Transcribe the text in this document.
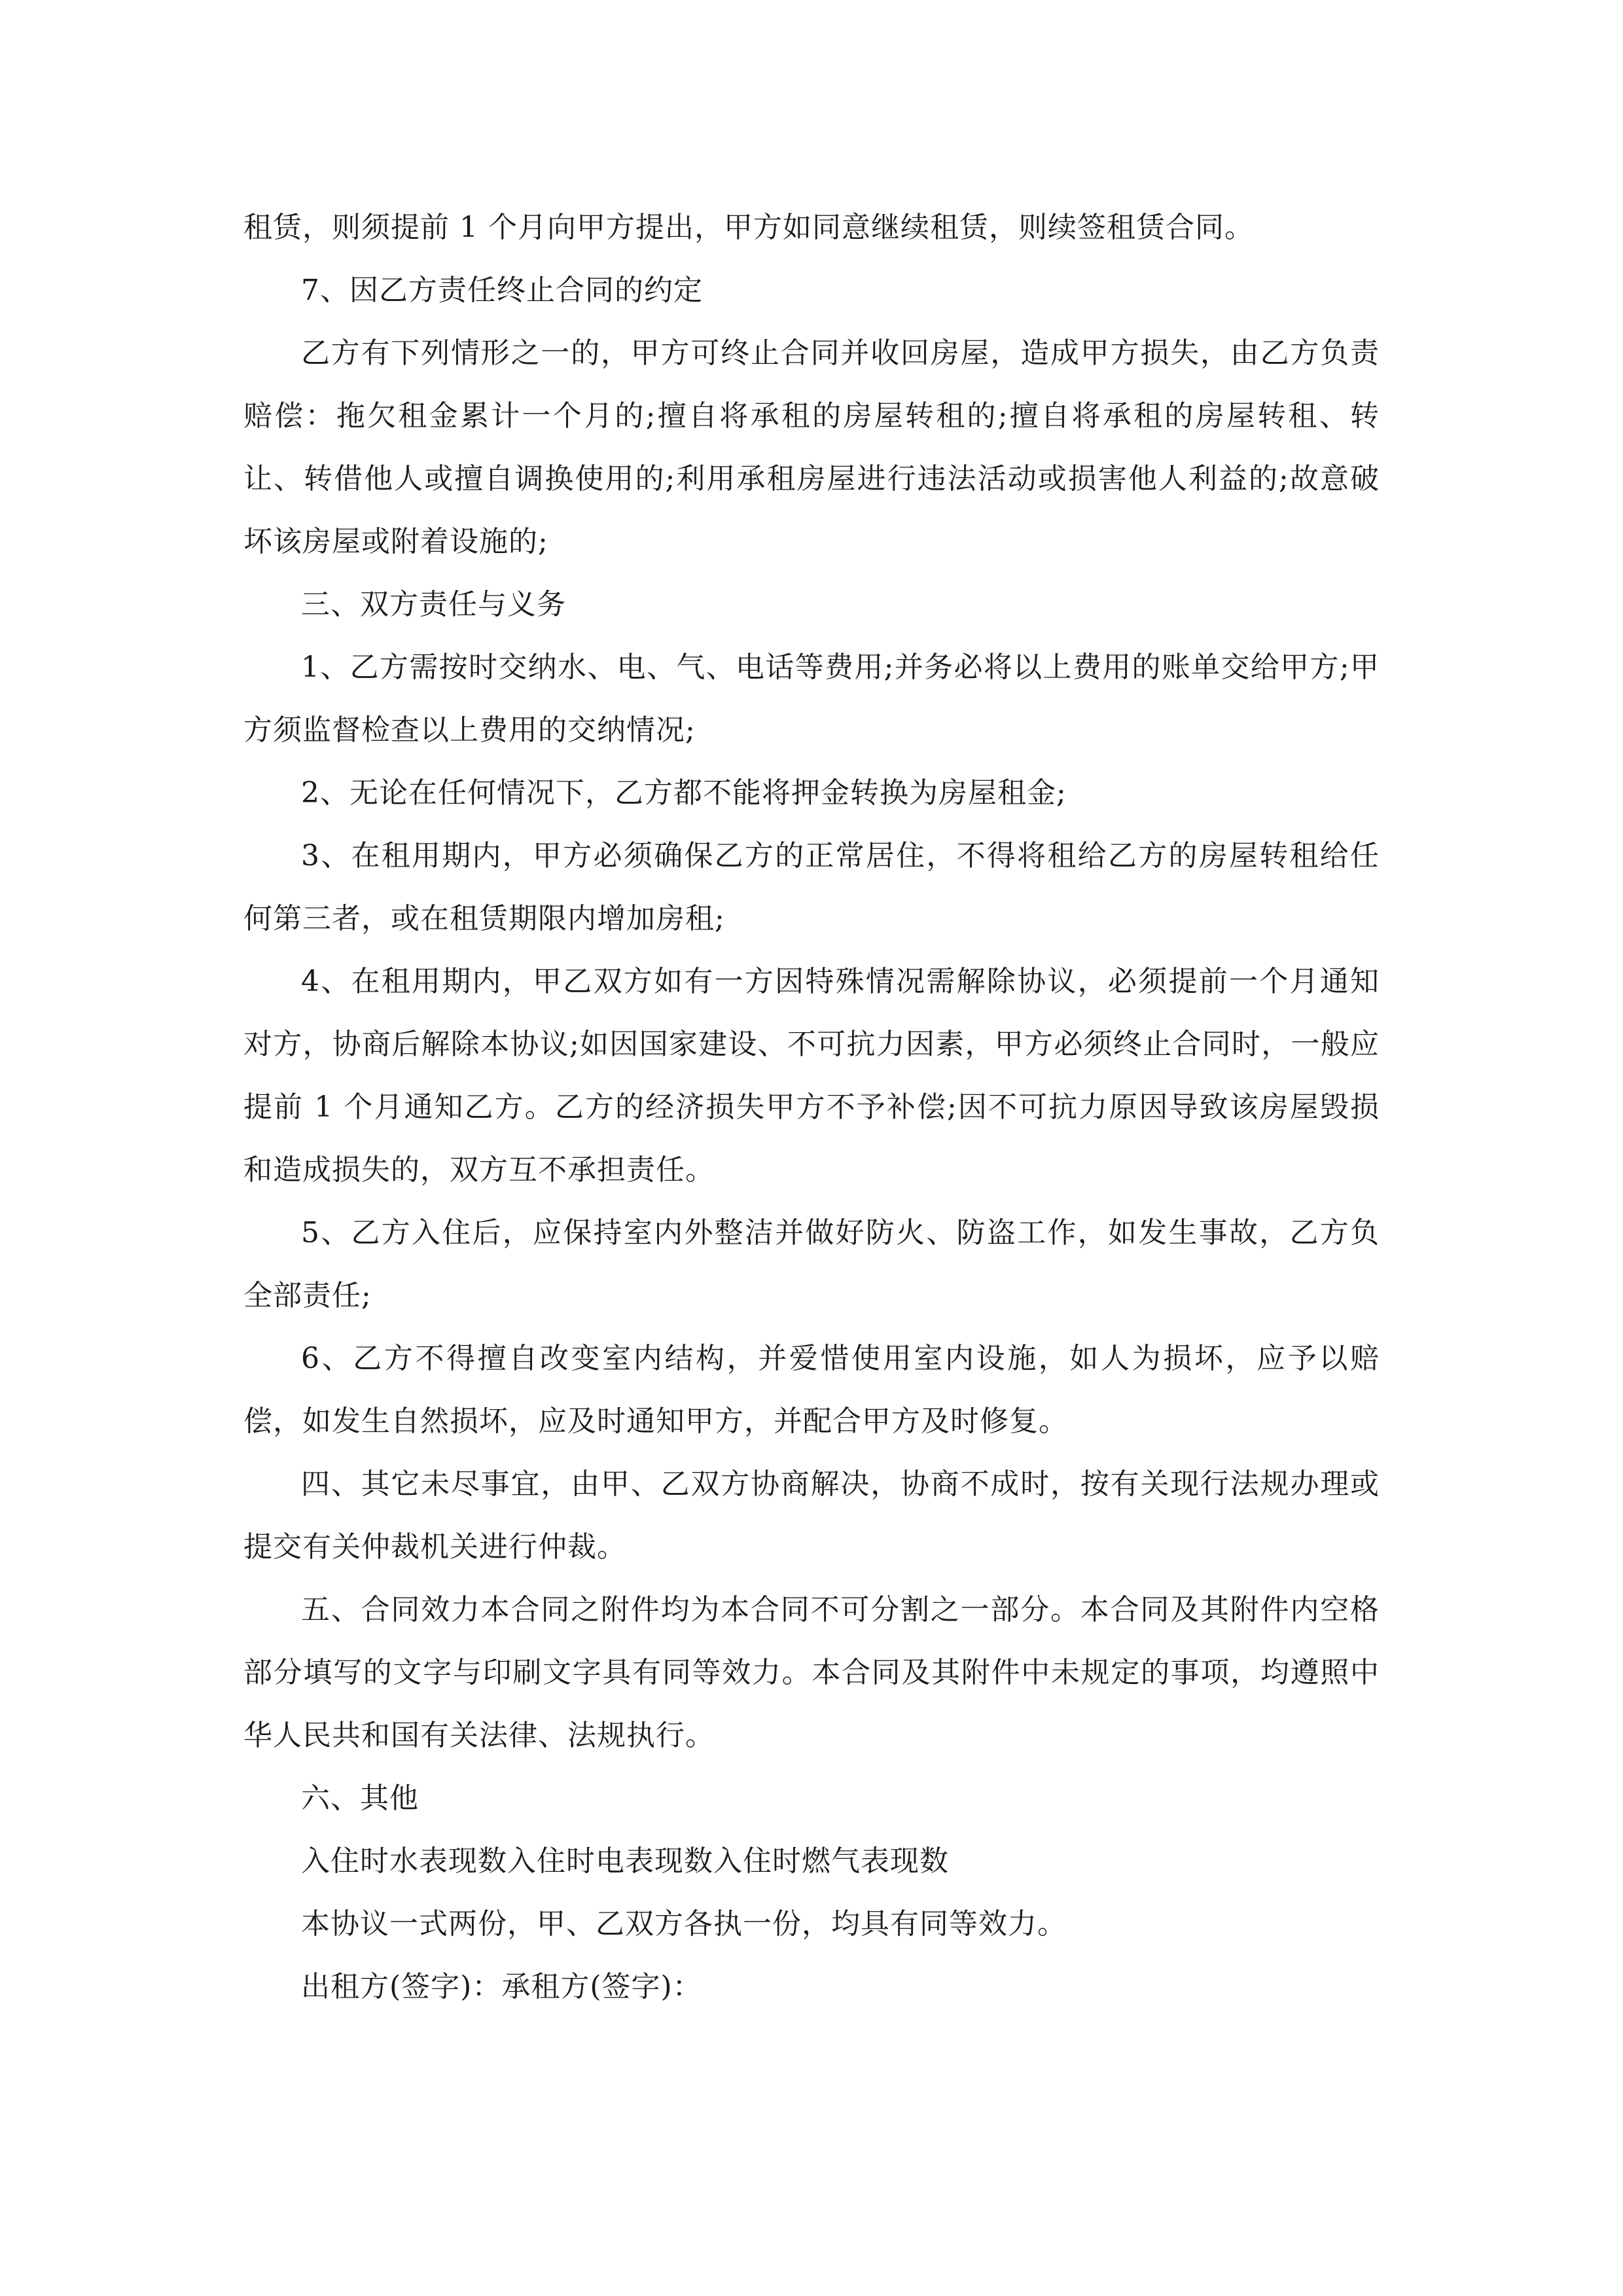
租赁，则须提前 1 个月向甲方提出，甲方如同意继续租赁，则续签租赁合同。

7、因乙方责任终止合同的约定

乙方有下列情形之一的，甲方可终止合同并收回房屋，造成甲方损失，由乙方负责赔偿：拖欠租金累计一个月的;擅自将承租的房屋转租的;擅自将承租的房屋转租、转让、转借他人或擅自调换使用的;利用承租房屋进行违法活动或损害他人利益的;故意破坏该房屋或附着设施的;

三、双方责任与义务

1、乙方需按时交纳水、电、气、电话等费用;并务必将以上费用的账单交给甲方;甲方须监督检查以上费用的交纳情况;

2、无论在任何情况下，乙方都不能将押金转换为房屋租金;

3、在租用期内，甲方必须确保乙方的正常居住，不得将租给乙方的房屋转租给任何第三者，或在租赁期限内增加房租;

4、在租用期内，甲乙双方如有一方因特殊情况需解除协议，必须提前一个月通知对方，协商后解除本协议;如因国家建设、不可抗力因素，甲方必须终止合同时，一般应提前 1 个月通知乙方。乙方的经济损失甲方不予补偿;因不可抗力原因导致该房屋毁损和造成损失的，双方互不承担责任。

5、乙方入住后，应保持室内外整洁并做好防火、防盗工作，如发生事故，乙方负全部责任;

6、乙方不得擅自改变室内结构，并爱惜使用室内设施，如人为损坏，应予以赔偿，如发生自然损坏，应及时通知甲方，并配合甲方及时修复。

四、其它未尽事宜，由甲、乙双方协商解决，协商不成时，按有关现行法规办理或提交有关仲裁机关进行仲裁。

五、合同效力本合同之附件均为本合同不可分割之一部分。本合同及其附件内空格部分填写的文字与印刷文字具有同等效力。本合同及其附件中未规定的事项，均遵照中华人民共和国有关法律、法规执行。

六、其他

入住时水表现数入住时电表现数入住时燃气表现数

本协议一式两份，甲、乙双方各执一份，均具有同等效力。

出租方(签字)：承租方(签字)：
